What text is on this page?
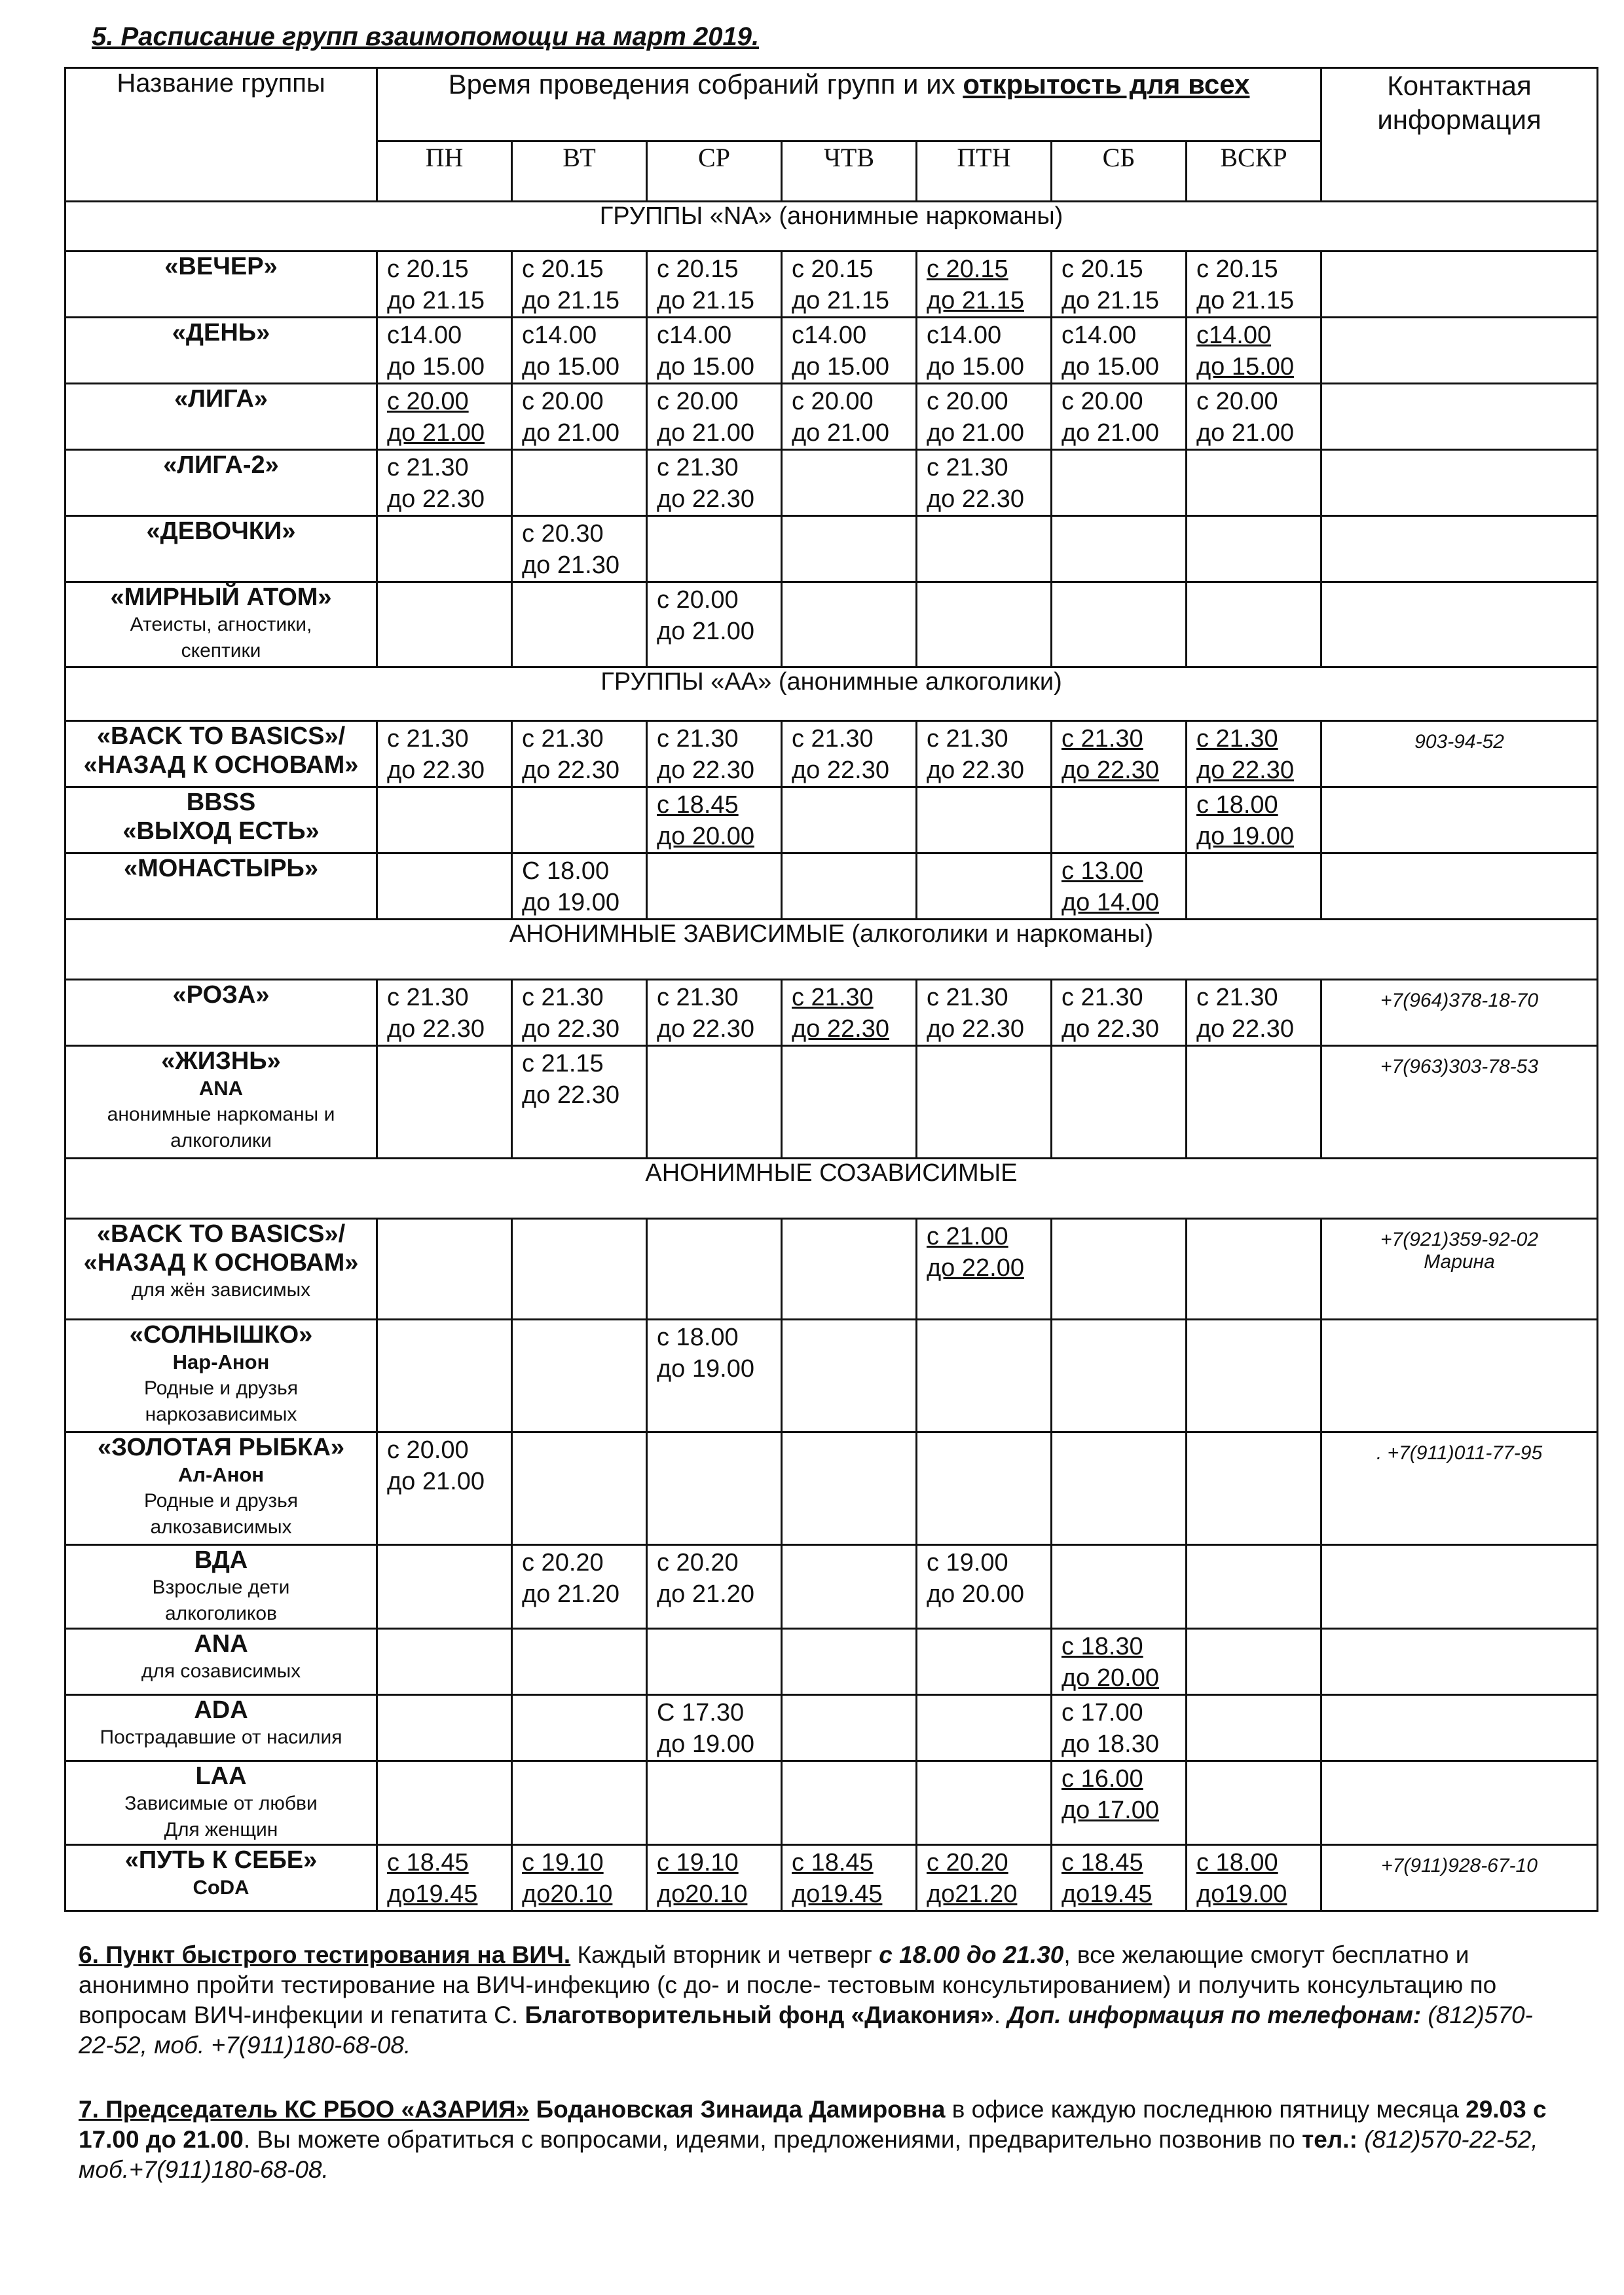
5. Расписание групп взаимопомощи на март 2019.
Название группы	Время проведения собраний групп и их открытость для всех							Контактная
информация
	ПН	ВТ	СР	ЧТВ	ПТН	СБ	ВСКР	
ГРУППЫ «NA» (анонимные наркоманы)								

«ВЕЧЕР»	с 20.15
до 21.15	с 20.15
до 21.15	с 20.15
до 21.15	с 20.15
до 21.15	с 20.15
до 21.15	с 20.15
до 21.15	с 20.15
до 21.15	

«ДЕНЬ»	с14.00
до 15.00	с14.00
до 15.00	с14.00
до 15.00	с14.00
до 15.00	с14.00
до 15.00	с14.00
до 15.00	с14.00
до 15.00	

«ЛИГА»	с 20.00
до 21.00	с 20.00
до 21.00	с 20.00
до 21.00	с 20.00
до 21.00	с 20.00
до 21.00	с 20.00
до 21.00	с 20.00
до 21.00	

«ЛИГА-2»	с 21.30
до 22.30		с 21.30
до 22.30		с 21.30
до 22.30			

«ДЕВОЧКИ»		с 20.30
до 21.30						

«МИРНЫЙ АТОМ»
Атеисты, агностики,
скептики			с 20.00
до 21.00					
ГРУППЫ «АА» (анонимные алкоголики)								

«BACK TO BASICS»/
«НАЗАД К ОСНОВАМ»	с 21.30
до 22.30	с 21.30
до 22.30	с 21.30
до 22.30	с 21.30
до 22.30	с 21.30
до 22.30	с 21.30
до 22.30	с 21.30
до 22.30	903-94-52

BBSS
«ВЫХОД ЕСТЬ»			с 18.45
до 20.00				с 18.00
до 19.00	

«МОНАСТЫРЬ»		С 18.00
до 19.00				с 13.00
до 14.00		
АНОНИМНЫЕ ЗАВИСИМЫЕ (алкоголики и наркоманы)								

«РОЗА»	с 21.30
до 22.30	с 21.30
до 22.30	с 21.30
до 22.30	с 21.30
до 22.30	с 21.30
до 22.30	с 21.30
до 22.30	с 21.30
до 22.30	+7(964)378-18-70

«ЖИЗНЬ»
ANA
анонимные наркоманы и
алкоголики		с 21.15
до 22.30						+7(963)303-78-53
АНОНИМНЫЕ СОЗАВИСИМЫЕ								

«BACK TO BASICS»/
«НАЗАД К ОСНОВАМ»
для жён зависимых					с 21.00
до 22.00			+7(921)359-92-02
Марина

«СОЛНЫШКО»
Нар-Анон
Родные и друзья
наркозависимых			с 18.00
до 19.00					

«ЗОЛОТАЯ РЫБКА»
Ал-Анон
Родные и друзья
алкозависимых	с 20.00
до 21.00							. +7(911)011-77-95

ВДА
Взрослые дети
алкоголиков		с 20.20
до 21.20	с 20.20
до 21.20		с 19.00
до 20.00			

ANA
для созависимых						с 18.30
до 20.00		

ADA
Пострадавшие от насилия			С 17.30
до 19.00			с 17.00
до 18.30		

LAA
Зависимые от любви
Для женщин						с 16.00
до 17.00		

«ПУТЬ К СЕБЕ»
CoDA	с 18.45
до19.45	с 19.10
до20.10	с 19.10
до20.10	с 18.45
до19.45	с 20.20
до21.20	с 18.45
до19.45	с 18.00
до19.00	+7(911)928-67-10
6. Пункт быстрого тестирования на ВИЧ. Каждый вторник и четверг с 18.00 до 21.30, все желающие смогут бесплатно и анонимно пройти тестирование на ВИЧ-инфекцию (с до- и после- тестовым консультированием) и получить консультацию по вопросам ВИЧ-инфекции и гепатита С. Благотворительный фонд «Диакония». Доп. информация по телефонам: (812)570-22-52, моб. +7(911)180-68-08.
7. Председатель КС РБОО «АЗАРИЯ» Бодановская Зинаида Дамировна в офисе каждую последнюю пятницу месяца 29.03 с 17.00 до 21.00. Вы можете обратиться с вопросами, идеями, предложениями, предварительно позвонив по тел.: (812)570-22-52, моб.+7(911)180-68-08.
